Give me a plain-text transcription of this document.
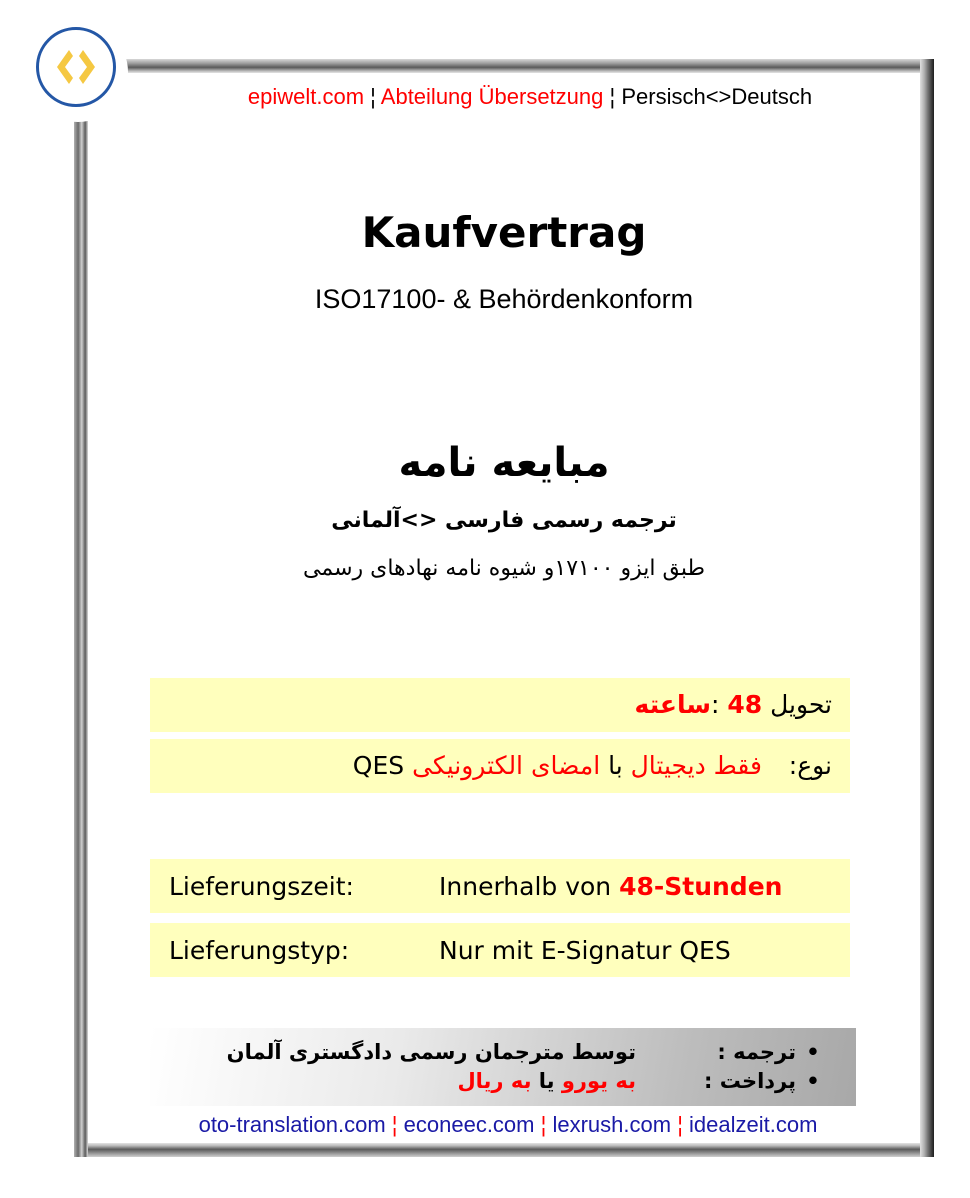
epiwelt.com ¦ Abteilung Übersetzung ¦ Persisch<>Deutsch
Kaufvertrag
ISO17100- & Behördenkonform
مبایعه نامه
ترجمه رسمی فارسی <>آلمانی
طبق ایزو ۱۷۱۰۰و شیوه نامه نهادهای رسمی
تحویل 48 :ساعته
نوع:فقط دیجیتال با امضای الکترونیکی QES
Lieferungszeit:	Innerhalb von 48-Stunden
Lieferungstyp:	Nur mit E-Signatur QES
•ترجمه :توسط مترجمان رسمی دادگستری آلمان
•پرداخت :به یورو یا به ریال
oto-translation.com ¦ econeec.com ¦ lexrush.com ¦ idealzeit.com
